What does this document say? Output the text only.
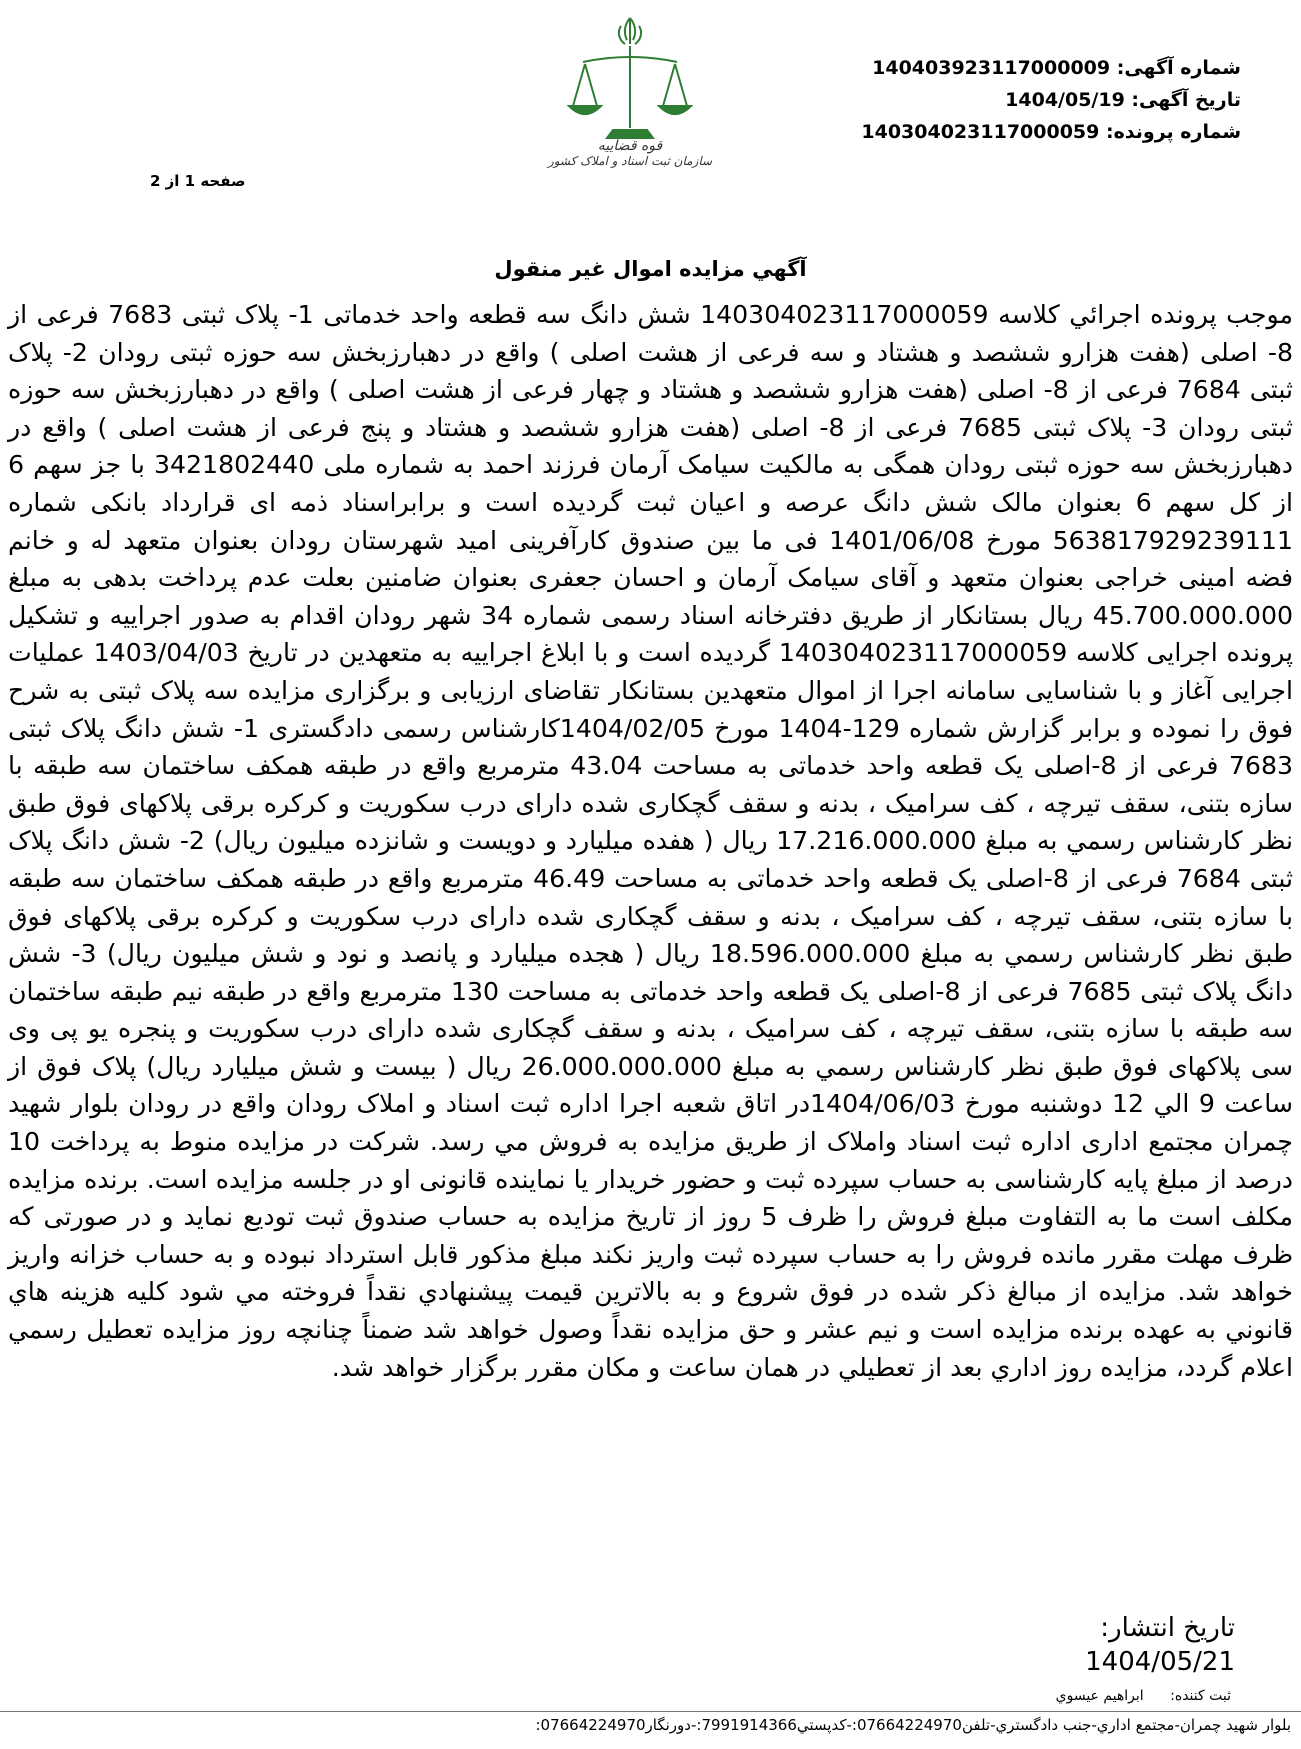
قوه قضاییه
سازمان ثبت اسناد و املاک کشور
شماره آگهی: 140403923117000009
تاریخ آگهی: 1404/05/19
شماره پرونده: 140304023117000059
صفحه 1 از 2
آگهي مزايده اموال غير منقول
موجب پرونده اجرائي كلاسه 140304023117000059 شش دانگ سه قطعه واحد خدماتی 1- پلاک ثبتی 7683 فرعی از 8- اصلی (هفت هزارو ششصد و هشتاد و سه فرعی از هشت اصلی ) واقع در دهبارزبخش سه حوزه ثبتی رودان 2- پلاک ثبتی 7684 فرعی از 8- اصلی (هفت هزارو ششصد و هشتاد و چهار فرعی از هشت اصلی ) واقع در دهبارزبخش سه حوزه ثبتی رودان 3- پلاک ثبتی 7685 فرعی از 8- اصلی (هفت هزارو ششصد و هشتاد و پنج فرعی از هشت اصلی ) واقع در دهبارزبخش سه حوزه ثبتی رودان همگی به مالکیت سیامک آرمان فرزند احمد به شماره ملی 3421802440 با جز سهم 6 از کل سهم 6 بعنوان مالک شش دانگ عرصه و اعیان ثبت گردیده است و برابراسناد ذمه ای قرارداد بانکی شماره 563817929239111 مورخ 1401/06/08 فی ما بین صندوق کارآفرینی امید شهرستان رودان بعنوان متعهد له و خانم فضه امینی خراجی بعنوان متعهد و آقای سیامک آرمان و احسان جعفری بعنوان ضامنین بعلت عدم پرداخت بدهی به مبلغ 45.700.000.000 ریال بستانکار از طریق دفترخانه اسناد رسمی شماره 34 شهر رودان اقدام به صدور اجراییه و تشکیل پرونده اجرایی کلاسه 140304023117000059 گردیده است و با ابلاغ اجراییه به متعهدین در تاریخ 1403/04/03 عملیات اجرایی آغاز و با شناسایی سامانه اجرا از اموال متعهدین بستانکار تقاضای ارزیابی و برگزاری مزایده سه پلاک ثبتی به شرح فوق را نموده و برابر گزارش شماره 129-1404 مورخ 1404/02/05کارشناس رسمی دادگستری 1- شش دانگ پلاک ثبتی 7683 فرعی از 8-اصلی یک قطعه واحد خدماتی به مساحت 43.04 مترمربع واقع در طبقه همکف ساختمان سه طبقه با سازه بتنی، سقف تیرچه ، کف سرامیک ، بدنه و سقف گچکاری شده دارای درب سکوریت و کرکره برقی پلاکهای فوق طبق نظر کارشناس رسمي به مبلغ 17.216.000.000 ریال ( هفده میلیارد و دویست و شانزده میلیون ریال) 2- شش دانگ پلاک ثبتی 7684 فرعی از 8-اصلی یک قطعه واحد خدماتی به مساحت 46.49 مترمربع واقع در طبقه همکف ساختمان سه طبقه با سازه بتنی، سقف تیرچه ، کف سرامیک ، بدنه و سقف گچکاری شده دارای درب سکوریت و کرکره برقی پلاکهای فوق طبق نظر کارشناس رسمي به مبلغ 18.596.000.000 ریال ( هجده میلیارد و پانصد و نود و شش میلیون ریال) 3- شش دانگ پلاک ثبتی 7685 فرعی از 8-اصلی یک قطعه واحد خدماتی به مساحت 130 مترمربع واقع در طبقه نیم طبقه ساختمان سه طبقه با سازه بتنی، سقف تیرچه ، کف سرامیک ، بدنه و سقف گچکاری شده دارای درب سکوریت و پنجره یو پی وی سی پلاکهای فوق طبق نظر کارشناس رسمي به مبلغ 26.000.000.000 ریال ( بیست و شش میلیارد ریال) پلاک فوق از ساعت 9 الي 12 دوشنبه مورخ 1404/06/03در اتاق شعبه اجرا اداره ثبت اسناد و املاک رودان واقع در رودان بلوار شهید چمران مجتمع اداری اداره ثبت اسناد واملاک از طریق مزایده به فروش مي رسد. شرکت در مزایده منوط به پرداخت 10 درصد از مبلغ پایه کارشناسی به حساب سپرده ثبت و حضور خریدار یا نماینده قانونی او در جلسه مزایده است. برنده مزایده مکلف است ما به التفاوت مبلغ فروش را ظرف 5 روز از تاریخ مزایده به حساب صندوق ثبت تودیع نماید و در صورتی که ظرف مهلت مقرر مانده فروش را به حساب سپرده ثبت واریز نکند مبلغ مذکور قابل استرداد نبوده و به حساب خزانه واریز خواهد شد. مزایده از مبالغ ذکر شده در فوق شروع و به بالاترین قیمت پیشنهادي نقداً فروخته مي شود کلیه هزینه هاي قانوني به عهده برنده مزایده است و نیم عشر و حق مزایده نقداً وصول خواهد شد ضمناً چنانچه روز مزایده تعطیل رسمي اعلام گردد، مزایده روز اداري بعد از تعطیلي در همان ساعت و مکان مقرر برگزار خواهد شد.
تاریخ انتشار:
1404/05/21
ثبت كننده: ابراهيم عيسوي
بلوار شهید چمران-مجتمع اداري-جنب دادگستري-تلفن07664224970:-کدپستي7991914366:-دورنگار07664224970:
